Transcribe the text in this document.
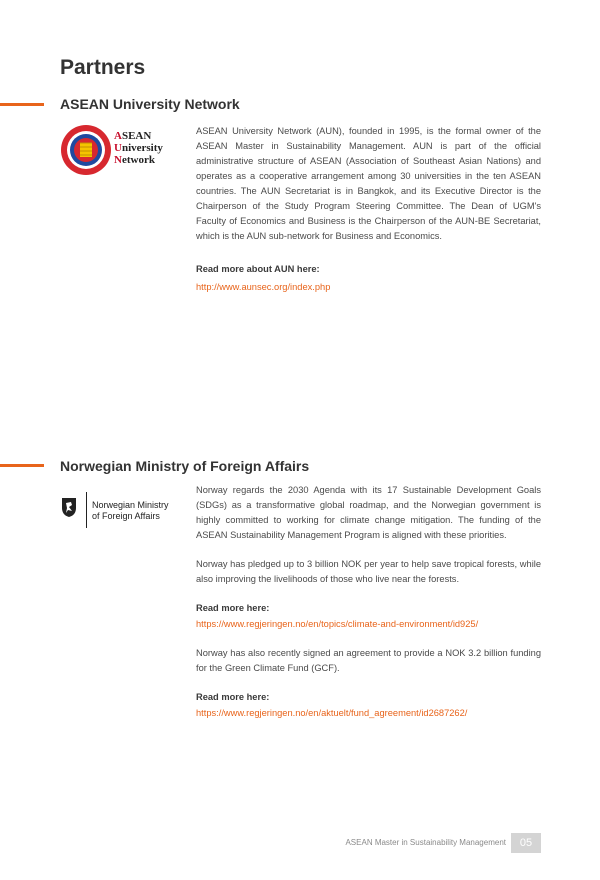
Partners
ASEAN University Network
ASEAN
University
Network

ASEAN University Network (AUN), founded in 1995, is the formal owner of the ASEAN Master in Sustainability Management. AUN is part of the official administrative structure of ASEAN (Association of Southeast Asian Nations) and operates as a cooperative arrangement among 30 universities in the ten ASEAN countries. The AUN Secretariat is in Bangkok, and its Executive Director is the Chairperson of the Study Program Steering Committee. The Dean of UGM's Faculty of Economics and Business is the Chairperson of the AUN-BE Secretariat, which is the AUN sub-network for Business and Economics.

Read more about AUN here:

http://www.aunsec.org/index.php

Norwegian Ministry of Foreign Affairs
Norwegian Ministry
of Foreign Affairs

Norway regards the 2030 Agenda with its 17 Sustainable Development Goals (SDGs) as a transformative global roadmap, and the Norwegian government is highly committed to working for climate change mitigation. The funding of the ASEAN Sustainability Management Program is aligned with these priorities.

Norway has pledged up to 3 billion NOK per year to help save tropical forests, while also improving the livelihoods of those who live near the forests.

Read more here:

https://www.regjeringen.no/en/topics/climate-and-environment/id925/

Norway has also recently signed an agreement to provide a NOK 3.2 billion funding for the Green Climate Fund (GCF).

Read more here:

https://www.regjeringen.no/en/aktuelt/fund_agreement/id2687262/

ASEAN Master in Sustainability Management	05
